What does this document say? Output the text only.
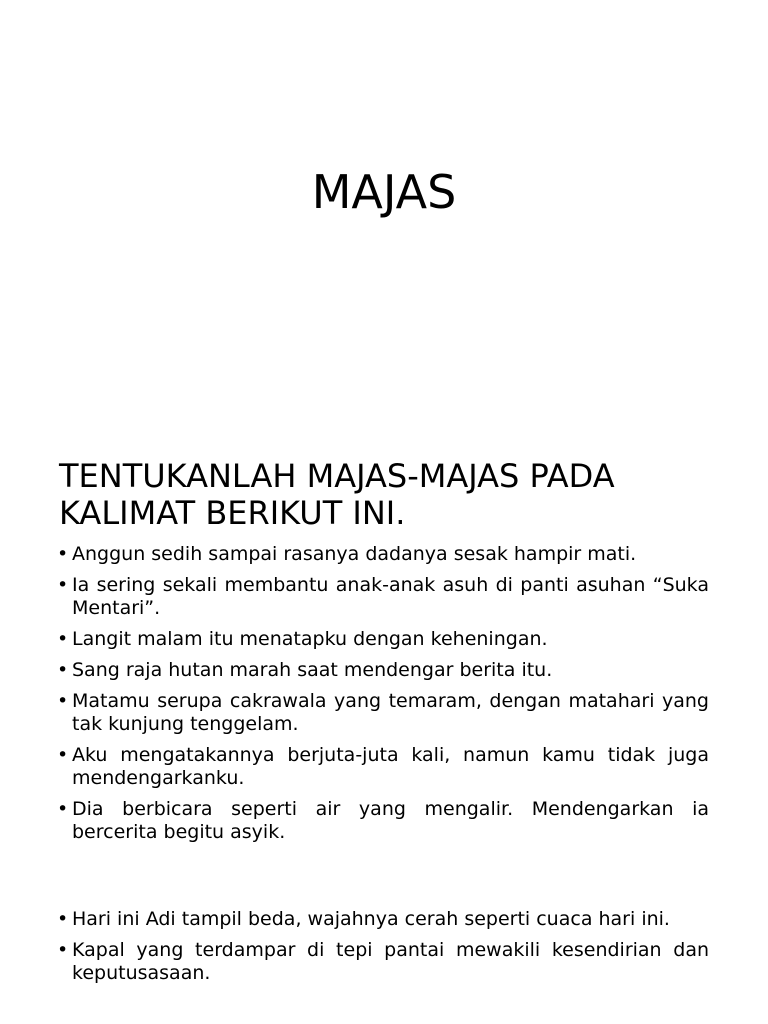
MAJAS
TENTUKANLAH MAJAS-MAJAS PADA KALIMAT BERIKUT INI.
• Anggun sedih sampai rasanya dadanya sesak hampir mati.
• Ia sering sekali membantu anak-anak asuh di panti asuhan “Suka Mentari”.
• Langit malam itu menatapku dengan keheningan.
• Sang raja hutan marah saat mendengar berita itu.
• Matamu serupa cakrawala yang temaram, dengan matahari yang tak kunjung tenggelam.
• Aku mengatakannya berjuta-juta kali, namun kamu tidak juga mendengarkanku.
• Dia berbicara seperti air yang mengalir. Mendengarkan ia bercerita begitu asyik.
• Hari ini Adi tampil beda, wajahnya cerah seperti cuaca hari ini.
• Kapal yang terdampar di tepi pantai mewakili kesendirian dan keputusasaan.
